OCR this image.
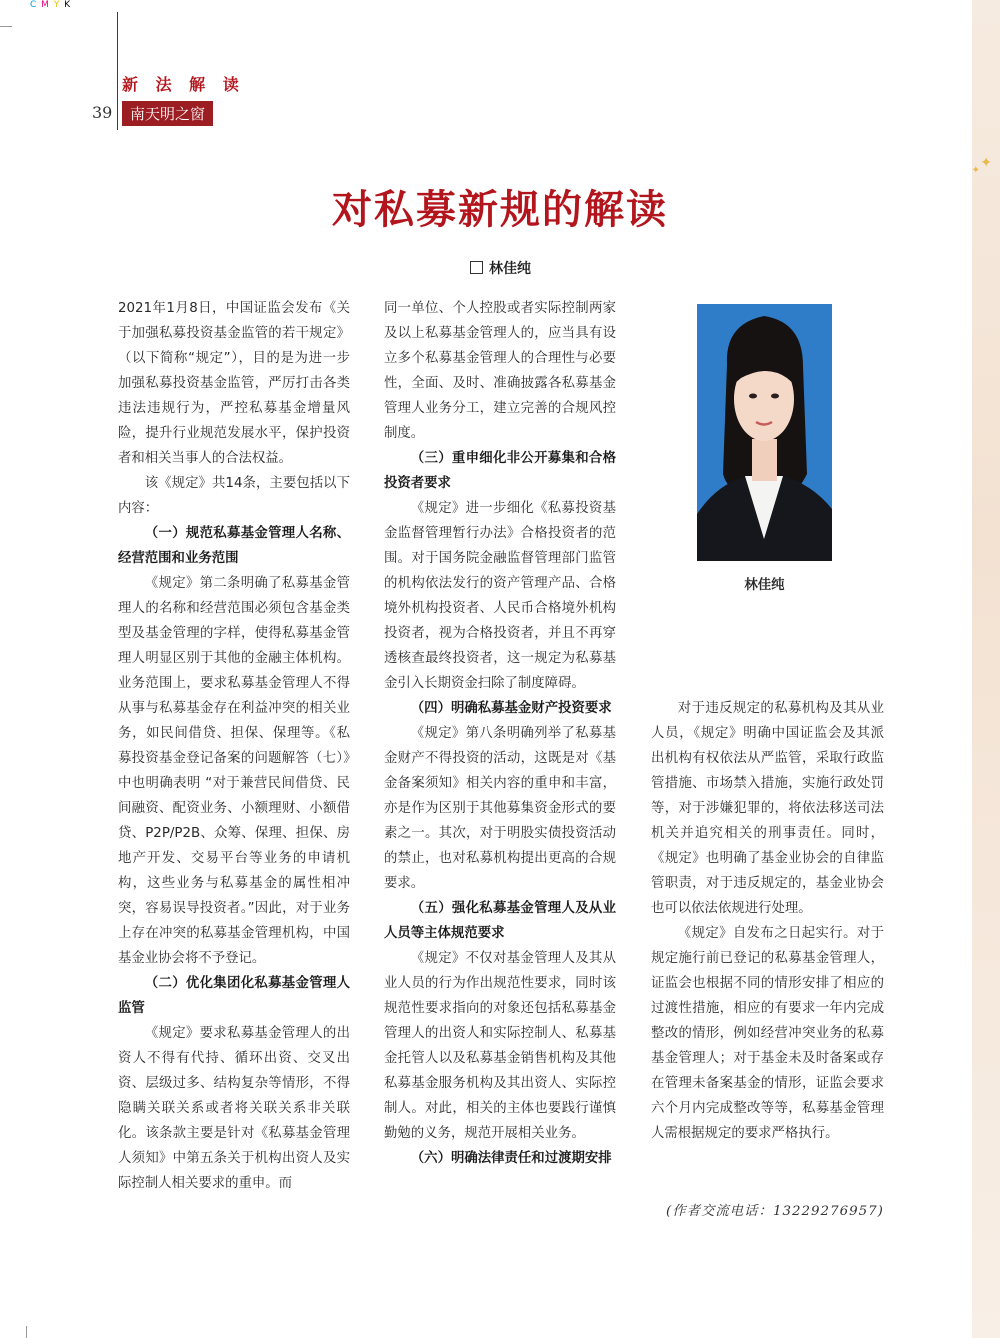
C M Y K
✦
✦
新 法 解 读
39	南天明之窗
对私募新规的解读
林佳纯

2021年1月8日，中国证监会发布《关于加强私募投资基金监管的若干规定》（以下简称“规定”），目的是为进一步加强私募投资基金监管，严厉打击各类违法违规行为，严控私募基金增量风险，提升行业规范发展水平，保护投资者和相关当事人的合法权益。

该《规定》共14条，主要包括以下内容：

（一）规范私募基金管理人名称、经营范围和业务范围

《规定》第二条明确了私募基金管理人的名称和经营范围必须包含基金类型及基金管理的字样，使得私募基金管理人明显区别于其他的金融主体机构。业务范围上，要求私募基金管理人不得从事与私募基金存在利益冲突的相关业务，如民间借贷、担保、保理等。《私募投资基金登记备案的问题解答（七）》中也明确表明 “对于兼营民间借贷、民间融资、配资业务、小额理财、小额借贷、P2P/P2B、众筹、保理、担保、房地产开发、交易平台等业务的申请机构，这些业务与私募基金的属性相冲突，容易误导投资者。”因此，对于业务上存在冲突的私募基金管理机构，中国基金业协会将不予登记。

（二）优化集团化私募基金管理人监管

《规定》要求私募基金管理人的出资人不得有代持、循环出资、交叉出资、层级过多、结构复杂等情形，不得隐瞒关联关系或者将关联关系非关联化。该条款主要是针对《私募基金管理人须知》中第五条关于机构出资人及实际控制人相关要求的重申。而

同一单位、个人控股或者实际控制两家及以上私募基金管理人的，应当具有设立多个私募基金管理人的合理性与必要性，全面、及时、准确披露各私募基金管理人业务分工，建立完善的合规风控制度。

（三）重申细化非公开募集和合格投资者要求

《规定》进一步细化《私募投资基金监督管理暂行办法》合格投资者的范围。对于国务院金融监督管理部门监管的机构依法发行的资产管理产品、合格境外机构投资者、人民币合格境外机构投资者，视为合格投资者，并且不再穿透核查最终投资者，这一规定为私募基金引入长期资金扫除了制度障碍。

（四）明确私募基金财产投资要求

《规定》第八条明确列举了私募基金财产不得投资的活动，这既是对《基金备案须知》相关内容的重申和丰富，亦是作为区别于其他募集资金形式的要素之一。其次，对于明股实债投资活动的禁止，也对私募机构提出更高的合规要求。

（五）强化私募基金管理人及从业人员等主体规范要求

《规定》不仅对基金管理人及其从业人员的行为作出规范性要求，同时该规范性要求指向的对象还包括私募基金管理人的出资人和实际控制人、私募基金托管人以及私募基金销售机构及其他私募基金服务机构及其出资人、实际控制人。对此，相关的主体也要践行谨慎勤勉的义务，规范开展相关业务。

（六）明确法律责任和过渡期安排

对于违反规定的私募机构及其从业人员，《规定》明确中国证监会及其派出机构有权依法从严监管，采取行政监管措施、市场禁入措施，实施行政处罚等，对于涉嫌犯罪的，将依法移送司法机关并追究相关的刑事责任。同时，《规定》也明确了基金业协会的自律监管职责，对于违反规定的，基金业协会也可以依法依规进行处理。

《规定》自发布之日起实行。对于规定施行前已登记的私募基金管理人，证监会也根据不同的情形安排了相应的过渡性措施，相应的有要求一年内完成整改的情形，例如经营冲突业务的私募基金管理人；对于基金未及时备案或存在管理未备案基金的情形，证监会要求六个月内完成整改等等，私募基金管理人需根据规定的要求严格执行。

林佳纯
(作者交流电话：13229276957)
